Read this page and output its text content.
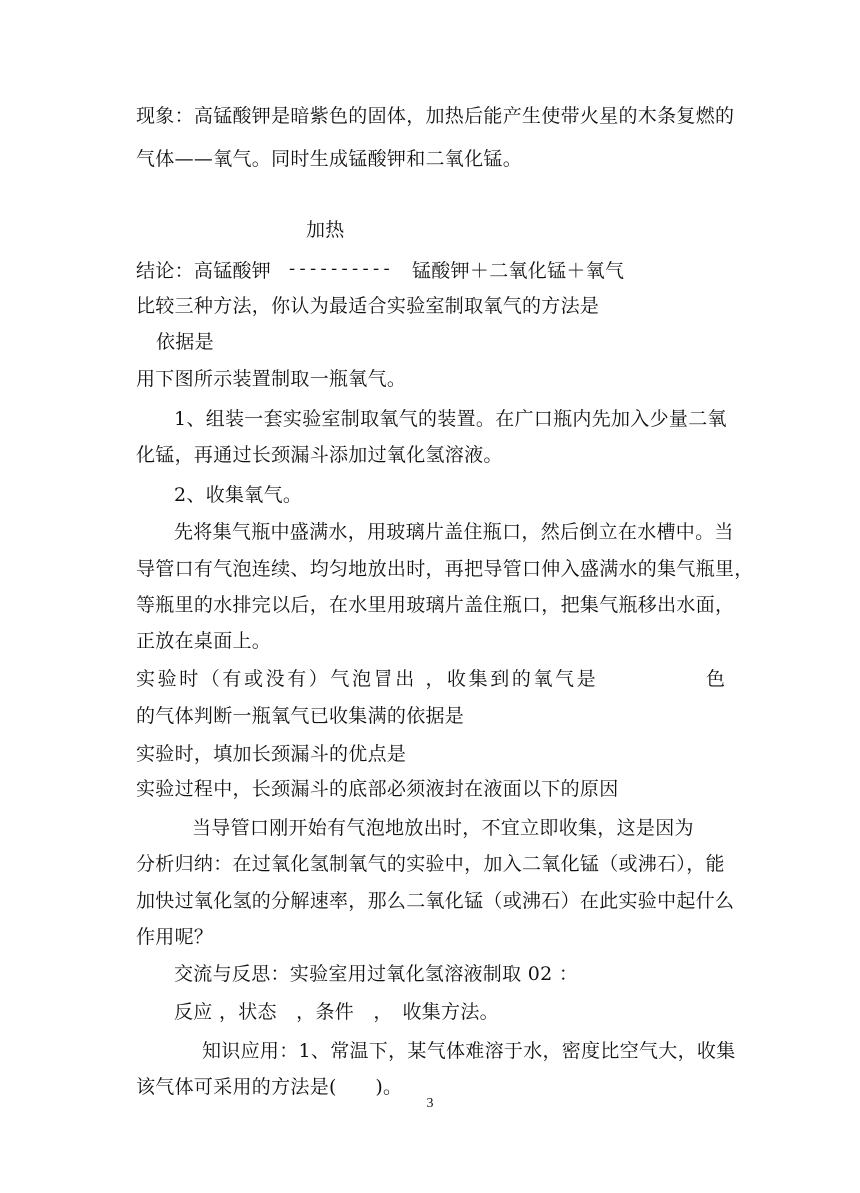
现象：高锰酸钾是暗紫色的固体，加热后能产生使带火星的木条复燃的
气体——氧气。同时生成锰酸钾和二氧化锰。
加热
结论：高锰酸钾 ---------- 锰酸钾＋二氧化锰＋氧气
比较三种方法，你认为最适合实验室制取氧气的方法是
依据是
用下图所示装置制取一瓶氧气。
1、组装一套实验室制取氧气的装置。在广口瓶内先加入少量二氧
化锰，再通过长颈漏斗添加过氧化氢溶液。
2、收集氧气。
先将集气瓶中盛满水，用玻璃片盖住瓶口，然后倒立在水槽中。当
导管口有气泡连续、均匀地放出时，再把导管口伸入盛满水的集气瓶里，
等瓶里的水排完以后，在水里用玻璃片盖住瓶口，把集气瓶移出水面，
正放在桌面上。
实验时（有或没有）气泡冒出 ，收集到的氧气是	色
的气体判断一瓶氧气已收集满的依据是
实验时，填加长颈漏斗的优点是
实验过程中，长颈漏斗的底部必须液封在液面以下的原因
当导管口刚开始有气泡地放出时，不宜立即收集，这是因为
分析归纳：在过氧化氢制氧气的实验中，加入二氧化锰（或沸石），能
加快过氧化氢的分解速率，那么二氧化锰（或沸石）在此实验中起什么
作用呢？
交流与反思：实验室用过氧化氢溶液制取 02 ：
反应 ，状态　，条件　，　收集方法。
知识应用：1、常温下，某气体难溶于水，密度比空气大，收集
该气体可采用的方法是(　　)。
3
